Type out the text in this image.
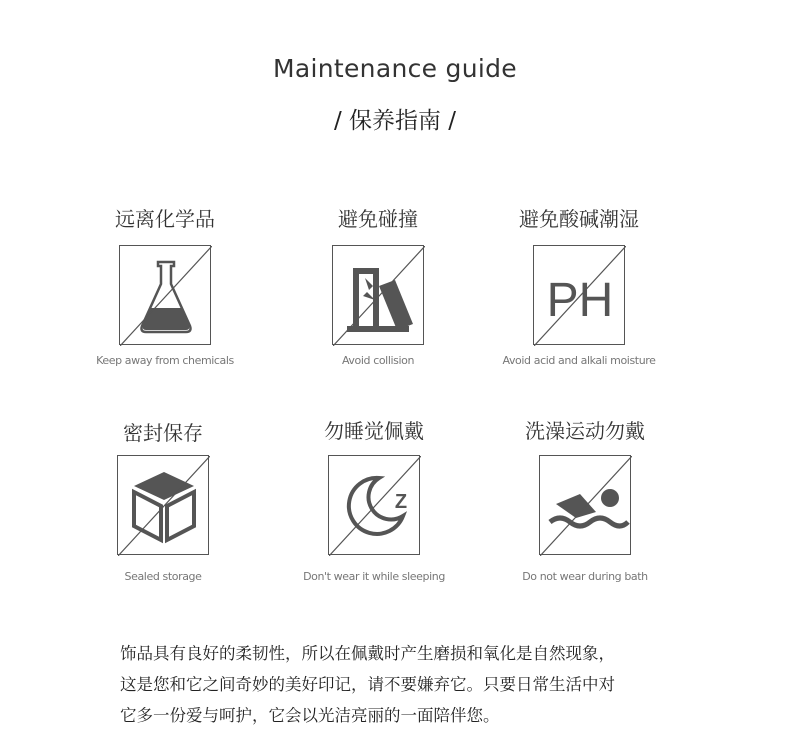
Maintenance guide
/ 保养指南 /
远离化学品
Keep away from chemicals
避免碰撞
Avoid collision
避免酸碱潮湿
PH
Avoid acid and alkali moisture
密封保存
Sealed storage
勿睡觉佩戴
Z
Don't wear it while sleeping
洗澡运动勿戴
Do not wear during bath
饰品具有良好的柔韧性，所以在佩戴时产生磨损和氧化是自然现象，
这是您和它之间奇妙的美好印记，请不要嫌弃它。只要日常生活中对
它多一份爱与呵护，它会以光洁亮丽的一面陪伴您。
